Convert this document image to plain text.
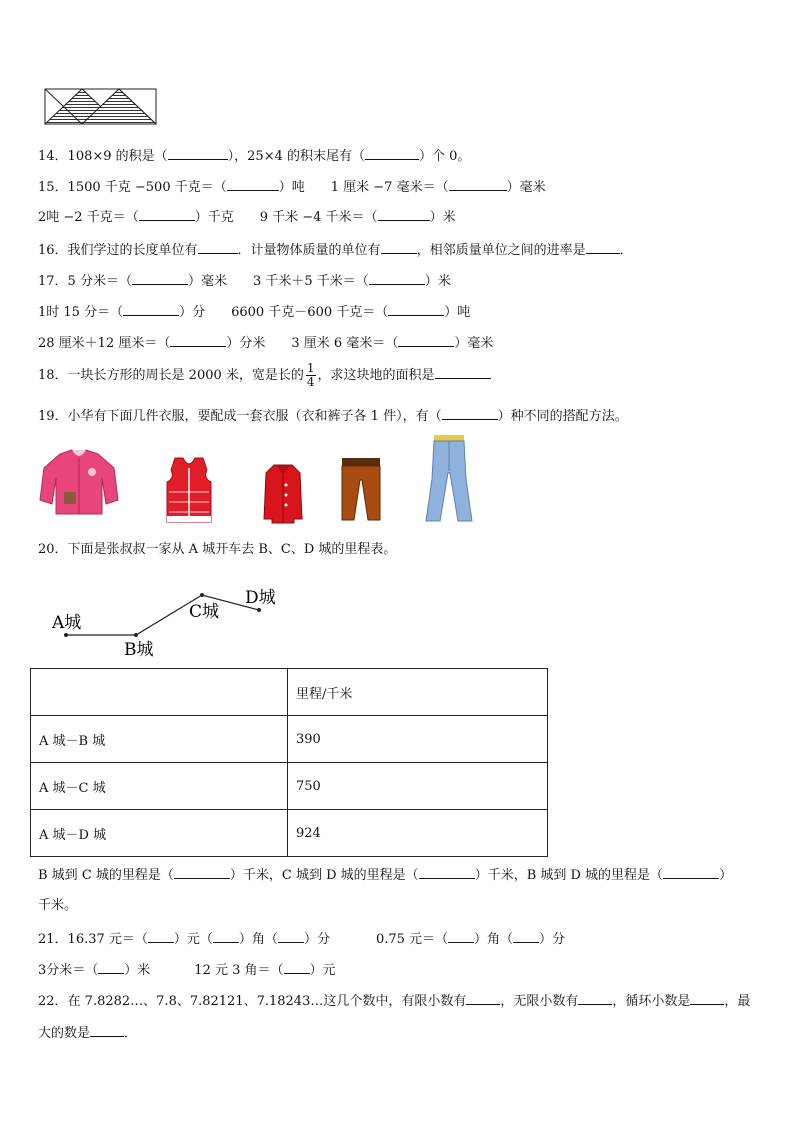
14．108×9 的积是（	），25×4 的积末尾有（	）个 0。
15．1500 千克 −500 千克＝（	）吨 1 厘米 −7 毫米＝（	）毫米
2吨 −2 千克＝（	）千克 9 千米 −4 千米＝（	）米
16．我们学过的长度单位有	．计量物体质量的单位有	，相邻质量单位之间的进率是	．
17．5 分米＝（	）毫米 3 千米＋5 千米＝（	）米
1时 15 分＝（	）分 6600 千克－600 千克＝（	）吨
28 厘米＋12 厘米＝（	）分米 3 厘米 6 毫米＝（	）毫米
18．一块长方形的周长是 2000 米，宽是长的 $\frac{1}{4}$ ，求这块地的面积是
19．小华有下面几件衣服，要配成一套衣服（衣和裤子各 1 件），有（	）种不同的搭配方法。
20．下面是张叔叔一家从 A 城开车去 B、C、D 城的里程表。
A城
B城
C城
D城
	里程/千米
A 城－B 城	390
A 城－C 城	750
A 城－D 城	924
B 城到 C 城的里程是（	）千米，C 城到 D 城的里程是（	）千米，B 城到 D 城的里程是（	）
千米。
21．16.37 元＝（ ）元（ ）角（ ）分	0.75 元＝（ ）角（ ）分
3分米＝（ ）米	12 元 3 角＝（ ）元
22．在 7.8282…、7.8、7.82121、7.18243…这几个数中，有限小数有	，无限小数有	，循环小数是	，最
大的数是	．
